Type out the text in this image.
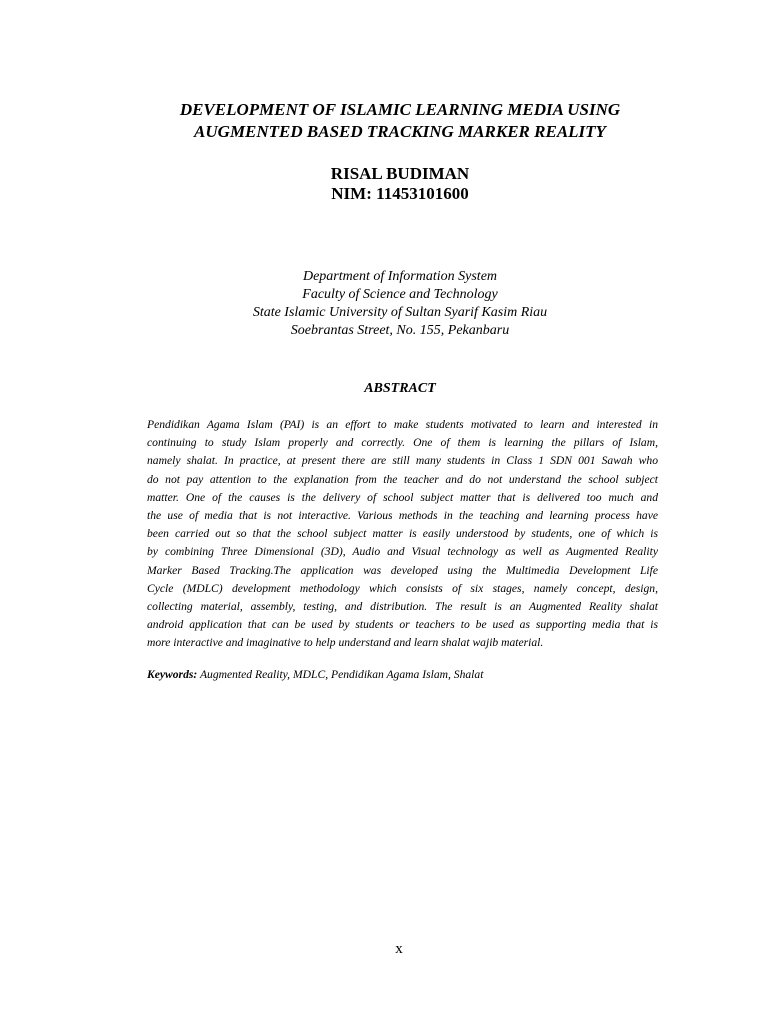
DEVELOPMENT OF ISLAMIC LEARNING MEDIA USING
AUGMENTED BASED TRACKING MARKER REALITY
RISAL BUDIMAN
NIM: 11453101600
Department of Information System
Faculty of Science and Technology
State Islamic University of Sultan Syarif Kasim Riau
Soebrantas Street, No. 155, Pekanbaru
ABSTRACT
Pendidikan Agama Islam (PAI) is an effort to make students motivated to learn and interested in
continuing to study Islam properly and correctly. One of them is learning the pillars of Islam,
namely shalat. In practice, at present there are still many students in Class 1 SDN 001 Sawah who
do not pay attention to the explanation from the teacher and do not understand the school subject
matter. One of the causes is the delivery of school subject matter that is delivered too much and
the use of media that is not interactive. Various methods in the teaching and learning process have
been carried out so that the school subject matter is easily understood by students, one of which is
by combining Three Dimensional (3D), Audio and Visual technology as well as Augmented Reality
Marker Based Tracking.The application was developed using the Multimedia Development Life
Cycle (MDLC) development methodology which consists of six stages, namely concept, design,
collecting material, assembly, testing, and distribution. The result is an Augmented Reality shalat
android application that can be used by students or teachers to be used as supporting media that is
more interactive and imaginative to help understand and learn shalat wajib material.
Keywords: Augmented Reality, MDLC, Pendidikan Agama Islam, Shalat
x
